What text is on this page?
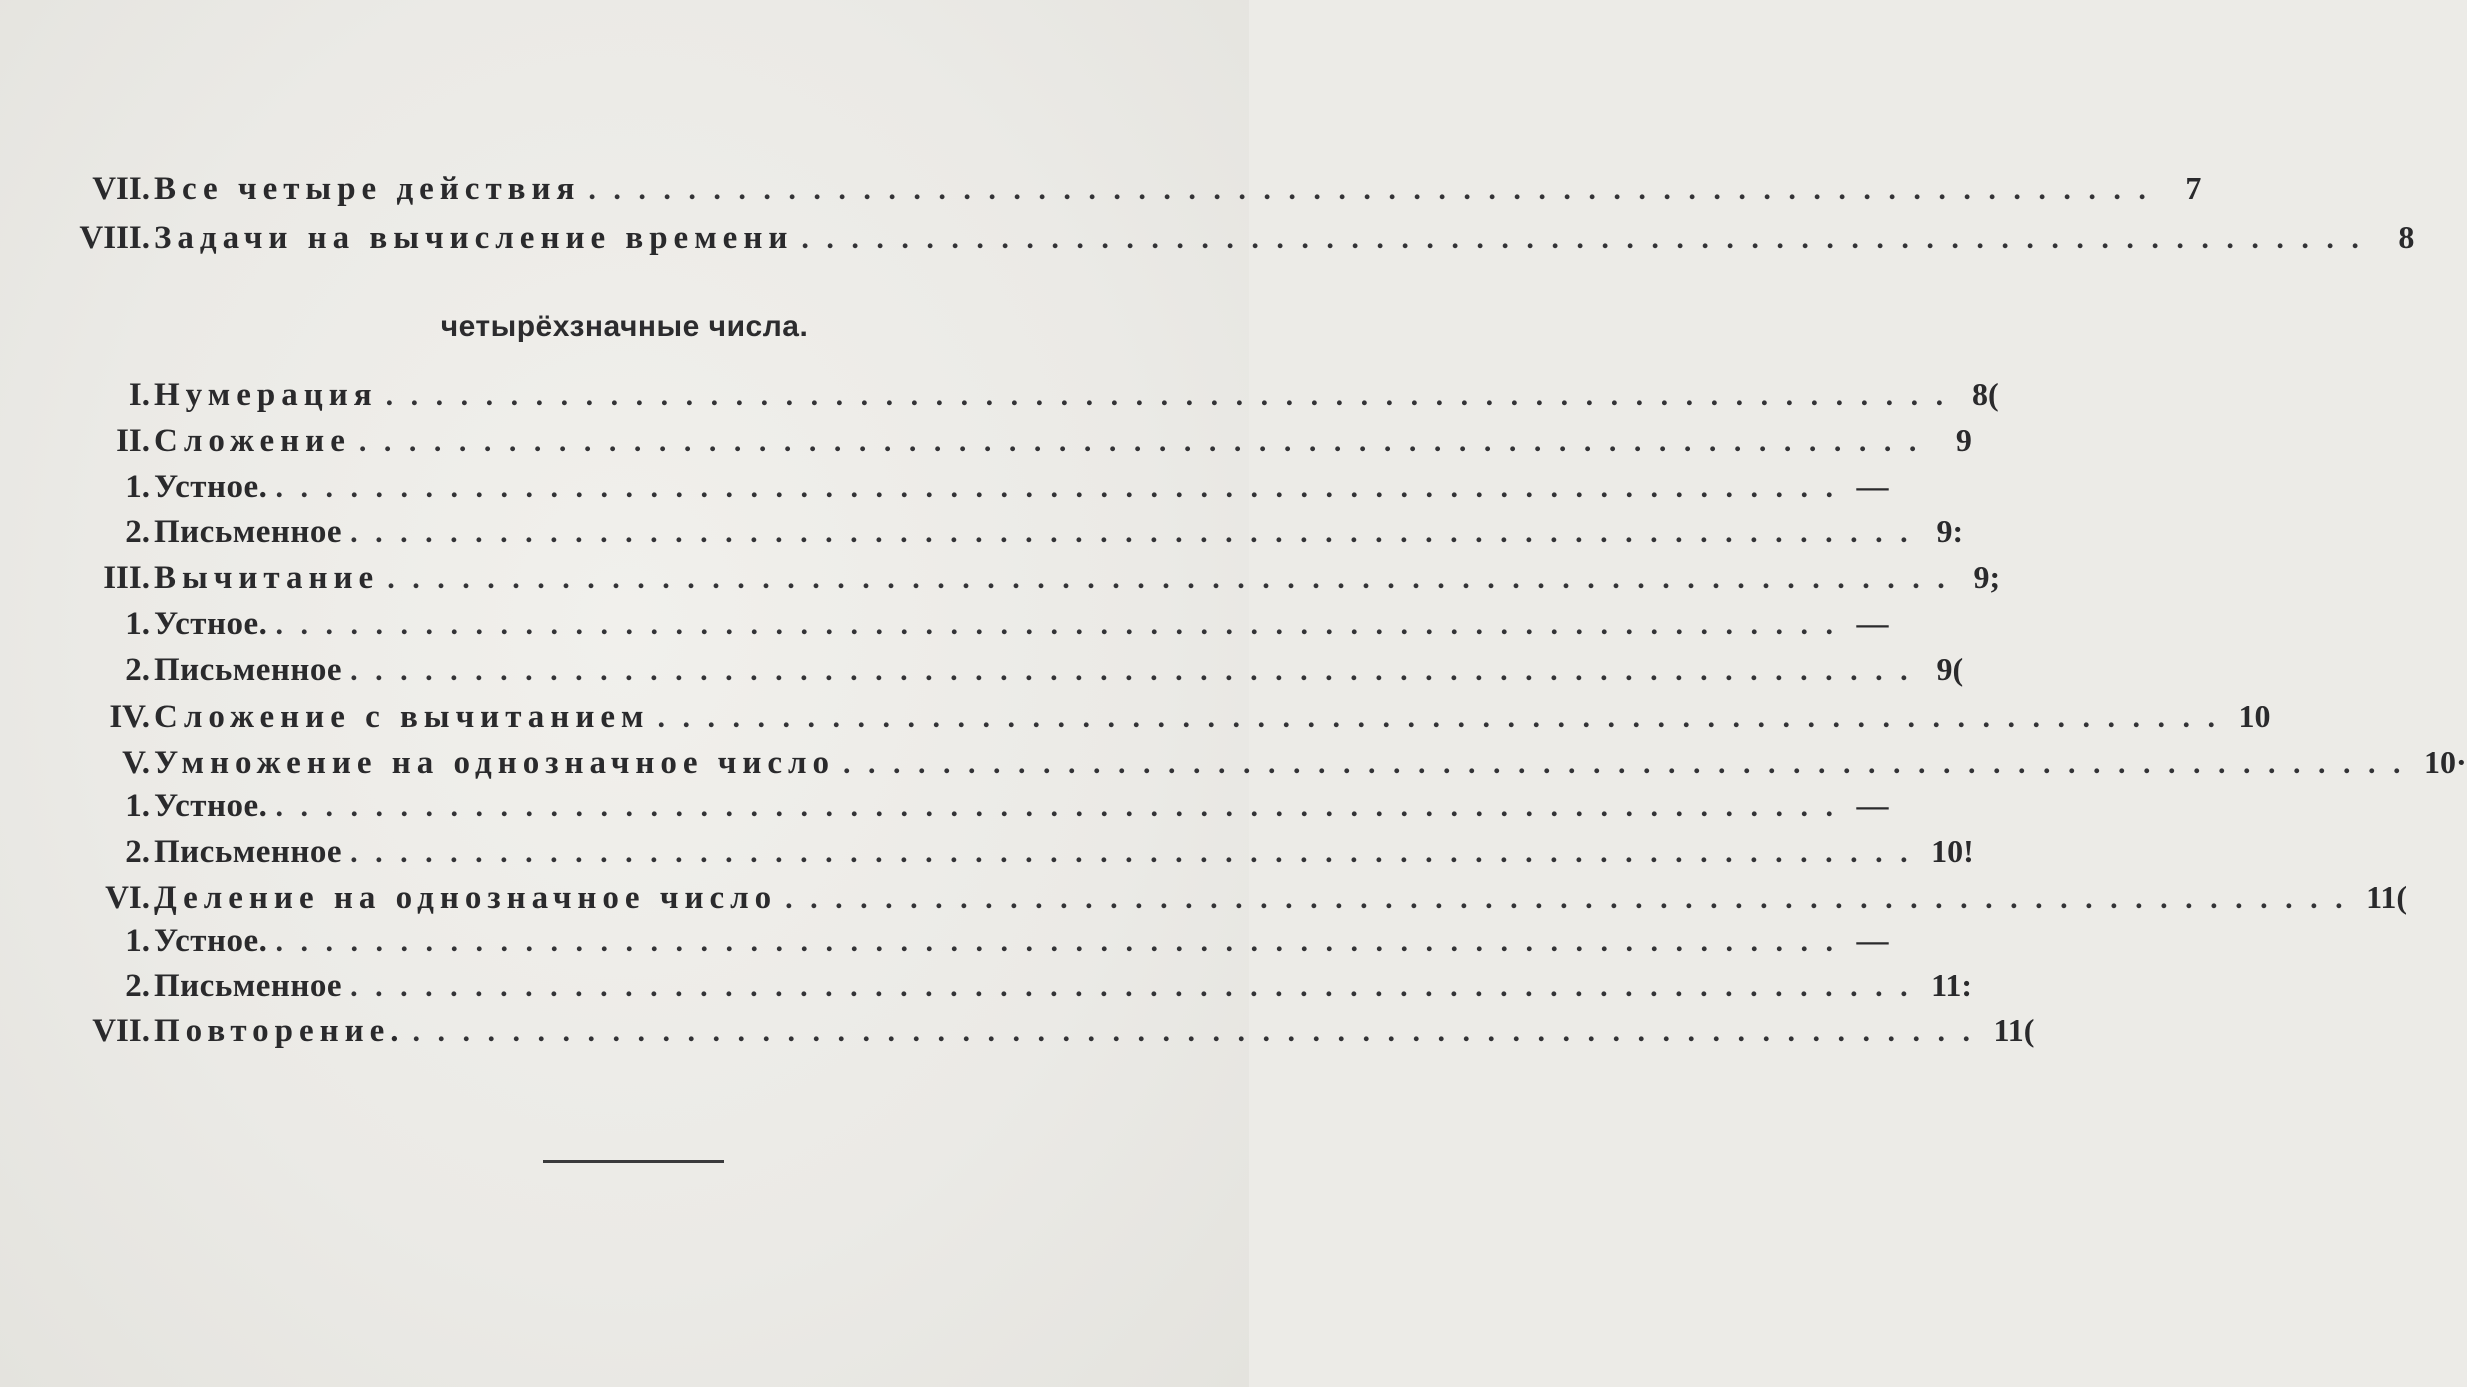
VII. Все четыре действия ............................................................... 7
VIII. Задачи на вычисление времени ............................................................... 8
четырёхзначные числа.
I. Нумерация ............................................................... 8(
II. Сложение ............................................................... 9
1. Устное. ............................................................... —
2. Письменное ............................................................... 9:
III. Вычитание ............................................................... 9;
1. Устное. ............................................................... —
2. Письменное ............................................................... 9(
IV. Сложение с вычитанием ............................................................... 10
V. Умножение на однозначное число ............................................................... 10·
1. Устное. ............................................................... —
2. Письменное ............................................................... 10!
VI. Деление на однозначное число ............................................................... 11(
1. Устное. ............................................................... —
2. Письменное ............................................................... 11:
VII. Повторение. ............................................................... 11(
